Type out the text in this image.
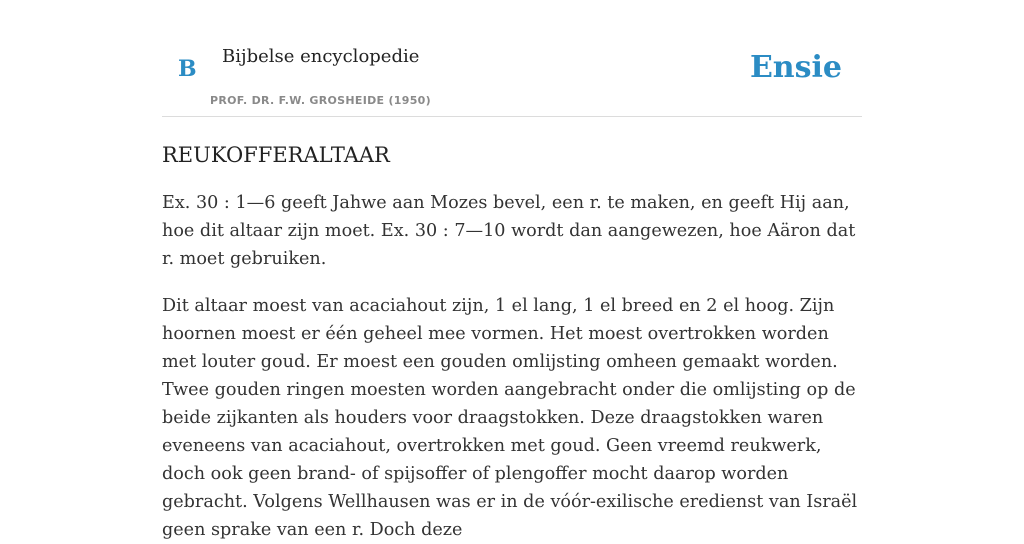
B Bijbelse encyclopedie
PROF. DR. F.W. GROSHEIDE (1950)
Ensie
REUKOFFERALTAAR

Ex. 30 : 1—6 geeft Jahwe aan Mozes bevel, een r. te maken, en geeft Hij aan, hoe dit altaar zijn moet. Ex. 30 : 7—10 wordt dan aangewezen, hoe Aäron dat r. moet gebruiken.

Dit altaar moest van acaciahout zijn, 1 el lang, 1 el breed en 2 el hoog. Zijn hoornen moest er één geheel mee vormen. Het moest overtrokken worden met louter goud. Er moest een gouden omlijsting omheen gemaakt worden. Twee gouden ringen moesten worden aangebracht onder die omlijsting op de beide zijkanten als houders voor draagstokken. Deze draagstokken waren eveneens van acaciahout, overtrokken met goud. Geen vreemd reukwerk, doch ook geen brand- of spijsoffer of plengoffer mocht daarop worden gebracht. Volgens Wellhausen was er in de vóór-exilische eredienst van Israël geen sprake van een r. Doch deze
